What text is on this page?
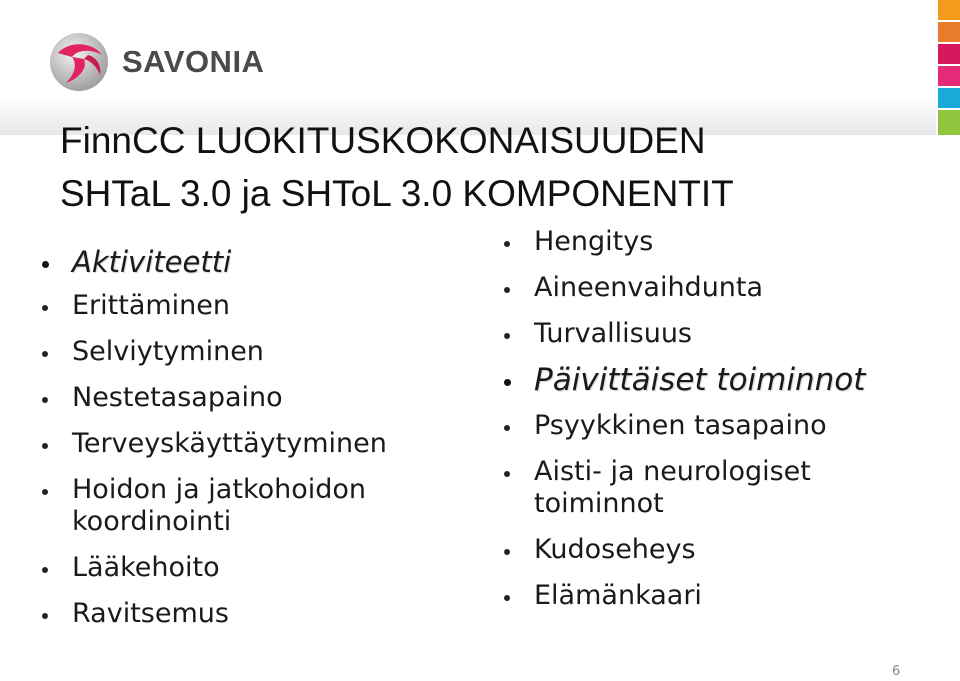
SAVONIA
FinnCC LUOKITUSKOKONAISUUDEN
SHTaL 3.0 ja SHToL 3.0 KOMPONENTIT
Aktiviteetti
Erittäminen
Selviytyminen
Nestetasapaino
Terveyskäyttäytyminen
Hoidon ja jatkohoidon koordinointi
Lääkehoito
Ravitsemus
Hengitys
Aineenvaihdunta
Turvallisuus
Päivittäiset toiminnot
Psyykkinen tasapaino
Aisti- ja neurologiset toiminnot
Kudoseheys
Elämänkaari
6
